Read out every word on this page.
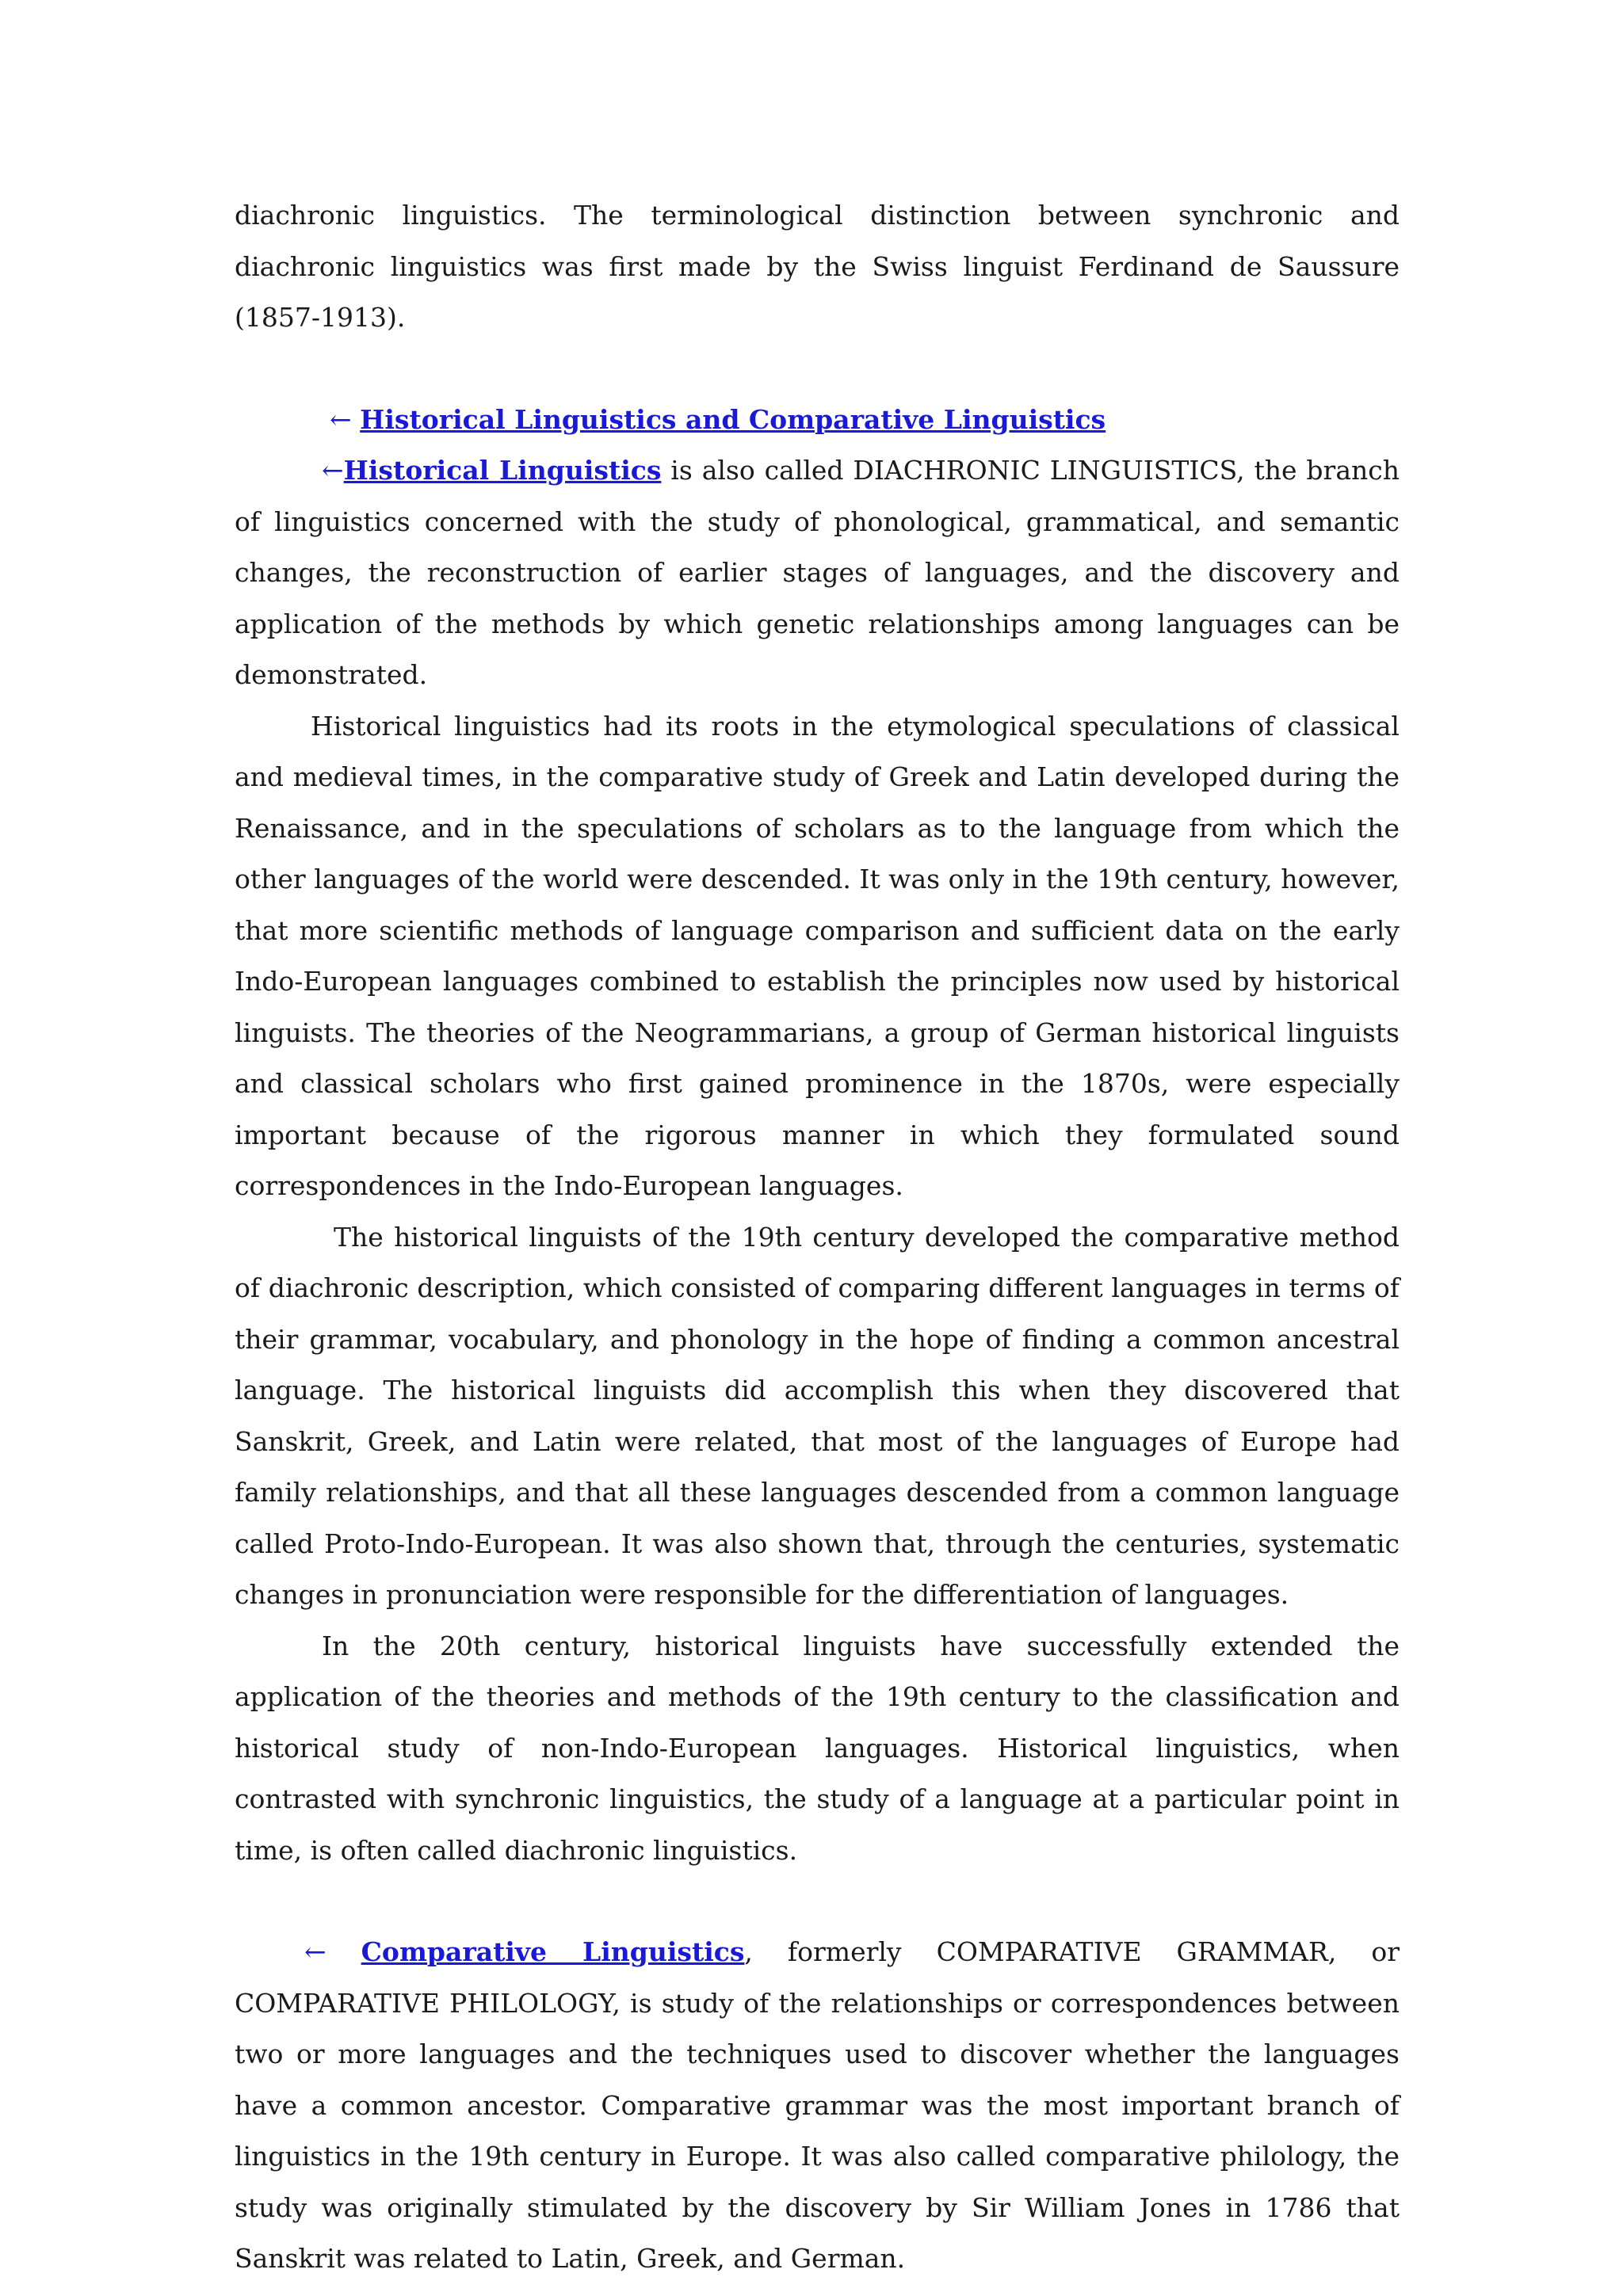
diachronic linguistics. The terminological distinction between synchronic and diachronic linguistics was first made by the Swiss linguist Ferdinand de Saussure (1857-1913).

← Historical Linguistics and Comparative Linguistics

←Historical Linguistics is also called DIACHRONIC LINGUISTICS, the branch of linguistics concerned with the study of phonological, grammatical, and semantic changes, the reconstruction of earlier stages of languages, and the discovery and application of the methods by which genetic relationships among languages can be demonstrated.

Historical linguistics had its roots in the etymological speculations of classical and medieval times, in the comparative study of Greek and Latin developed during the Renaissance, and in the speculations of scholars as to the language from which the other languages of the world were descended. It was only in the 19th century, however, that more scientific methods of language comparison and sufficient data on the early Indo-European languages combined to establish the principles now used by historical linguists. The theories of the Neogrammarians, a group of German historical linguists and classical scholars who first gained prominence in the 1870s, were especially important because of the rigorous manner in which they formulated sound correspondences in the Indo-European languages.

The historical linguists of the 19th century developed the comparative method of diachronic description, which consisted of comparing different languages in terms of their grammar, vocabulary, and phonology in the hope of finding a common ancestral language. The historical linguists did accomplish this when they discovered that Sanskrit, Greek, and Latin were related, that most of the languages of Europe had family relationships, and that all these languages descended from a common language called Proto-Indo-European. It was also shown that, through the centuries, systematic changes in pronunciation were responsible for the differentiation of languages.

In the 20th century, historical linguists have successfully extended the application of the theories and methods of the 19th century to the classification and historical study of non-Indo-European languages. Historical linguistics, when contrasted with synchronic linguistics, the study of a language at a particular point in time, is often called diachronic linguistics.

← Comparative Linguistics, formerly COMPARATIVE GRAMMAR, or COMPARATIVE PHILOLOGY, is study of the relationships or correspondences between two or more languages and the techniques used to discover whether the languages have a common ancestor. Comparative grammar was the most important branch of linguistics in the 19th century in Europe. It was also called comparative philology, the study was originally stimulated by the discovery by Sir William Jones in 1786 that Sanskrit was related to Latin, Greek, and German.
